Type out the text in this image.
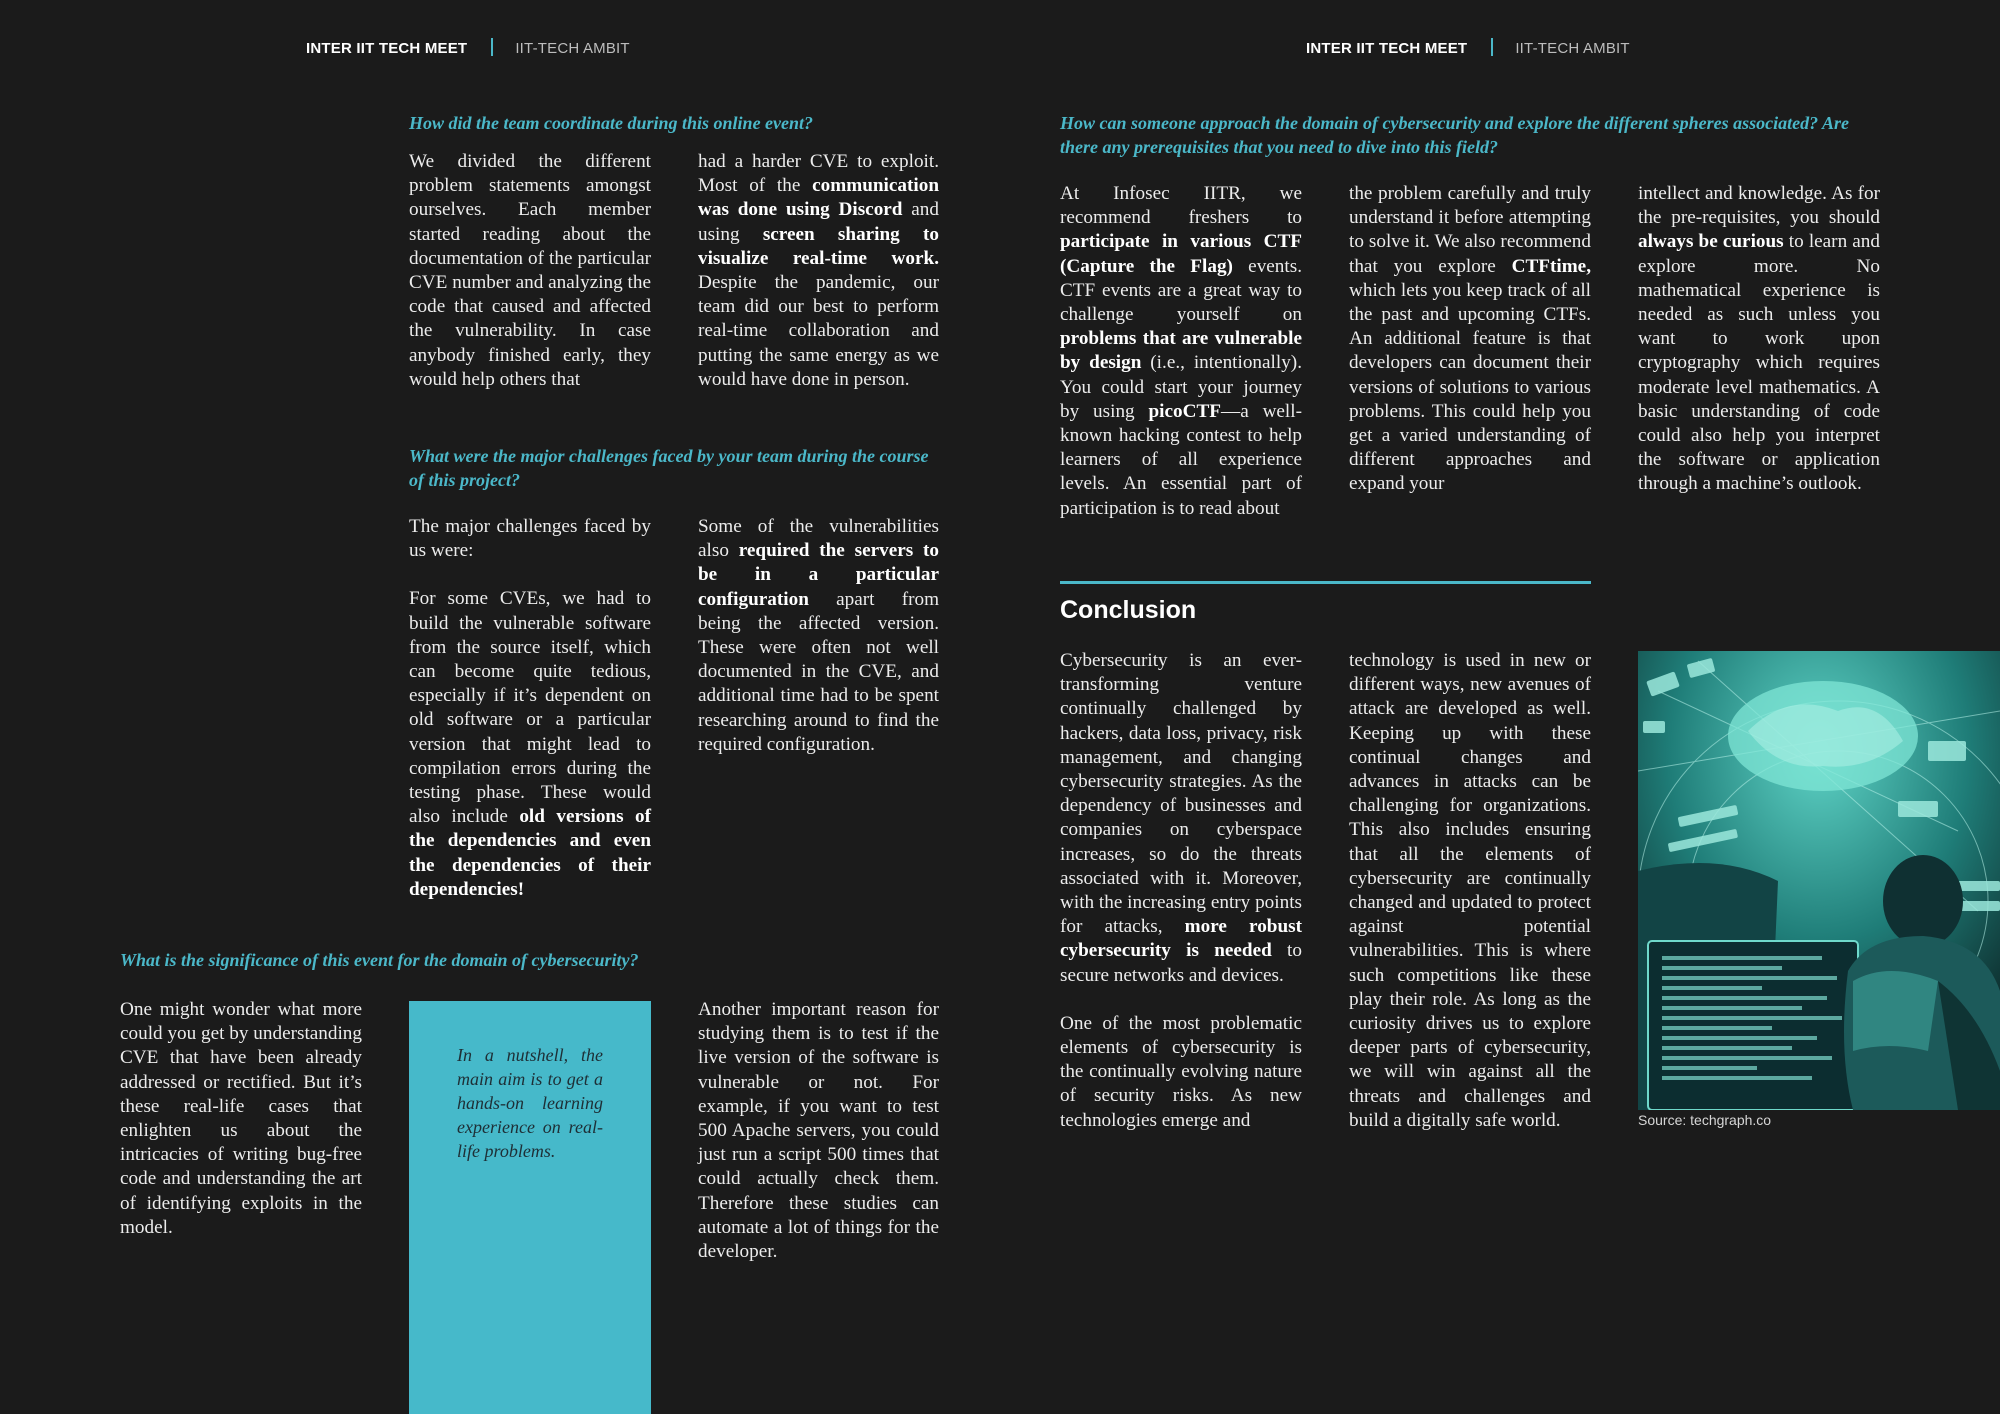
INTER IIT TECH MEET	IIT-TECH AMBIT	INTER IIT TECH MEET	IIT-TECH AMBIT
How did the team coordinate during this online event?

We divided the different problem statements amongst ourselves. Each member started reading about the documentation of the particular CVE number and analyzing the code that caused and affected the vulnerability. In case anybody finished early, they would help others that

had a harder CVE to exploit. Most of the communication was done using Discord and using screen sharing to visualize real-time work. Despite the pandemic, our team did our best to perform real-time collaboration and putting the same energy as we would have done in person.

What were the major challenges faced by your team during the course of this project?

The major challenges faced by us were:

For some CVEs, we had to build the vulnerable software from the source itself, which can become quite tedious, especially if it’s dependent on old software or a particular version that might lead to compilation errors during the testing phase. These would also include old versions of the dependencies and even the dependencies of their dependencies!

Some of the vulnerabilities also required the servers to be in a particular configuration apart from being the affected version. These were often not well documented in the CVE, and additional time had to be spent researching around to find the required configuration.

What is the significance of this event for the domain of cybersecurity?

One might wonder what more could you get by understanding CVE that have been already addressed or rectified. But it’s these real-life cases that enlighten us about the intricacies of writing bug-free code and understanding the art of identifying exploits in the model.

In a nutshell, the main aim is to get a hands-on learning experience on real-life problems.

Another important reason for studying them is to test if the live version of the software is vulnerable or not. For example, if you want to test 500 Apache servers, you could just run a script 500 times that could actually check them. Therefore these studies can automate a lot of things for the developer.

How can someone approach the domain of cybersecurity and explore the different spheres associated? Are there any prerequisites that you need to dive into this field?

At Infosec IITR, we recommend freshers to participate in various CTF (Capture the Flag) events. CTF events are a great way to challenge yourself on problems that are vulnerable by design (i.e., intentionally). You could start your journey by using picoCTF—a well-known hacking contest to help learners of all experience levels. An essential part of participation is to read about

the problem carefully and truly understand it before attempting to solve it. We also recommend that you explore CTFtime, which lets you keep track of all the past and upcoming CTFs. An additional feature is that developers can document their versions of solutions to various problems. This could help you get a varied understanding of different approaches and expand your

intellect and knowledge. As for the pre-requisites, you should always be curious to learn and explore more. No mathematical experience is needed as such unless you want to work upon cryptography which requires moderate level mathematics. A basic understanding of code could also help you interpret the software or application through a machine’s outlook.

Conclusion

Cybersecurity is an ever-transforming venture continually challenged by hackers, data loss, privacy, risk management, and changing cybersecurity strategies. As the dependency of businesses and companies on cyberspace increases, so do the threats associated with it. Moreover, with the increasing entry points for attacks, more robust cybersecurity is needed to secure networks and devices.

One of the most problematic elements of cybersecurity is the continually evolving nature of security risks. As new technologies emerge and

technology is used in new or different ways, new avenues of attack are developed as well. Keeping up with these continual changes and advances in attacks can be challenging for organizations. This also includes ensuring that all the elements of cybersecurity are continually changed and updated to protect against potential vulnerabilities. This is where such competitions like these play their role. As long as the curiosity drives us to explore deeper parts of cybersecurity, we will win against all the threats and challenges and build a digitally safe world.	Source: techgraph.co
